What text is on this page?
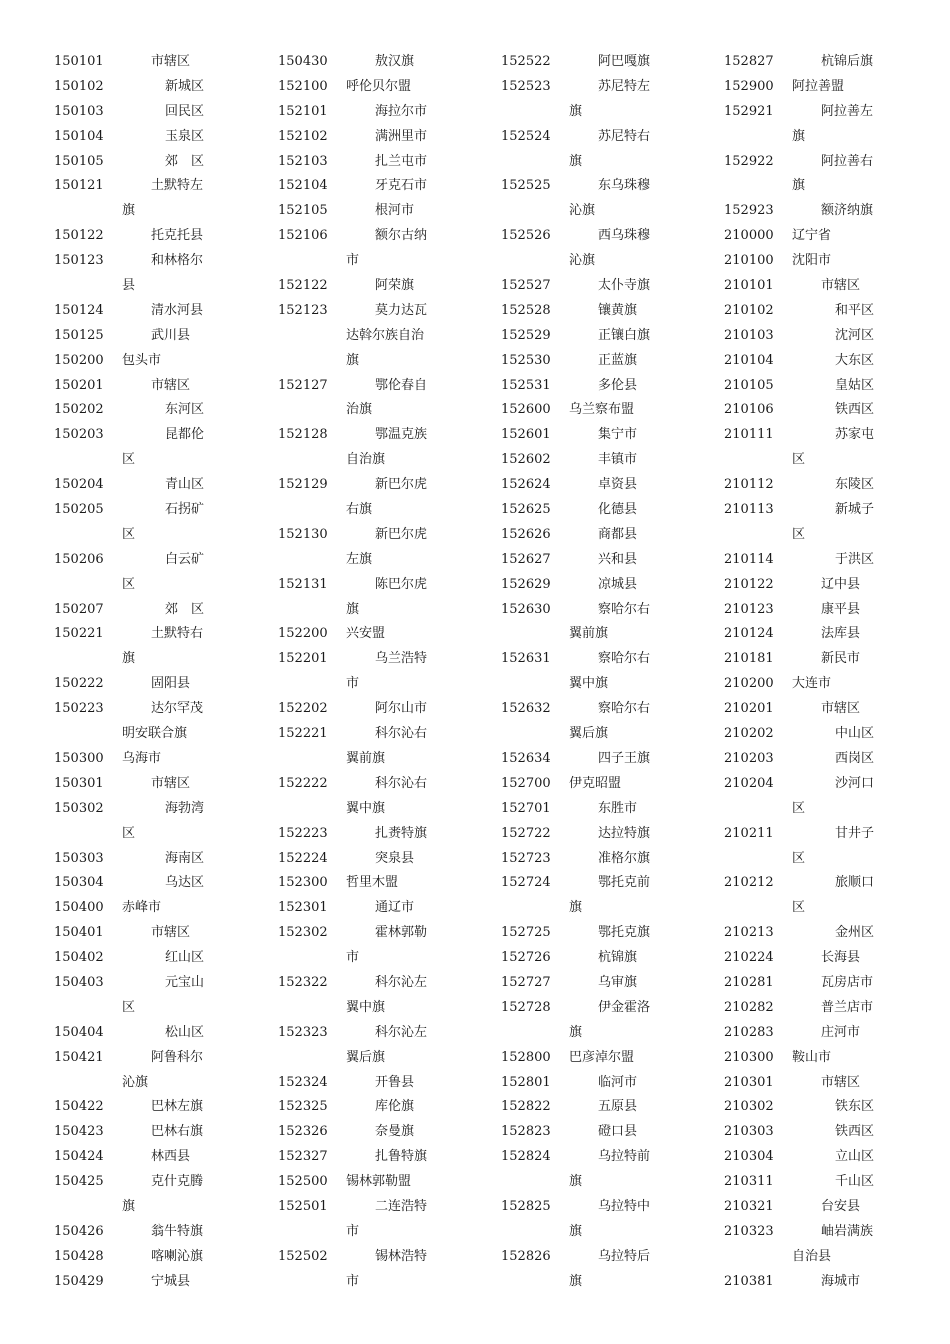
150101	市辖区
150102	新城区
150103	回民区
150104	玉泉区
150105	郊　区
150121	土默特左
旗
150122	托克托县
150123	和林格尔
县
150124	清水河县
150125	武川县
150200	包头市
150201	市辖区
150202	东河区
150203	昆都伦
区
150204	青山区
150205	石拐矿
区
150206	白云矿
区
150207	郊　区
150221	土默特右
旗
150222	固阳县
150223	达尔罕茂
明安联合旗
150300	乌海市
150301	市辖区
150302	海勃湾
区
150303	海南区
150304	乌达区
150400	赤峰市
150401	市辖区
150402	红山区
150403	元宝山
区
150404	松山区
150421	阿鲁科尔
沁旗
150422	巴林左旗
150423	巴林右旗
150424	林西县
150425	克什克腾
旗
150426	翁牛特旗
150428	喀喇沁旗
150429	宁城县
150430	敖汉旗
152100	呼伦贝尔盟
152101	海拉尔市
152102	满洲里市
152103	扎兰屯市
152104	牙克石市
152105	根河市
152106	额尔古纳
市
152122	阿荣旗
152123	莫力达瓦
达斡尔族自治
旗
152127	鄂伦春自
治旗
152128	鄂温克族
自治旗
152129	新巴尔虎
右旗
152130	新巴尔虎
左旗
152131	陈巴尔虎
旗
152200	兴安盟
152201	乌兰浩特
市
152202	阿尔山市
152221	科尔沁右
翼前旗
152222	科尔沁右
翼中旗
152223	扎赉特旗
152224	突泉县
152300	哲里木盟
152301	通辽市
152302	霍林郭勒
市
152322	科尔沁左
翼中旗
152323	科尔沁左
翼后旗
152324	开鲁县
152325	库伦旗
152326	奈曼旗
152327	扎鲁特旗
152500	锡林郭勒盟
152501	二连浩特
市
152502	锡林浩特
市
152522	阿巴嘎旗
152523	苏尼特左
旗
152524	苏尼特右
旗
152525	东乌珠穆
沁旗
152526	西乌珠穆
沁旗
152527	太仆寺旗
152528	镶黄旗
152529	正镶白旗
152530	正蓝旗
152531	多伦县
152600	乌兰察布盟
152601	集宁市
152602	丰镇市
152624	卓资县
152625	化德县
152626	商都县
152627	兴和县
152629	凉城县
152630	察哈尔右
翼前旗
152631	察哈尔右
翼中旗
152632	察哈尔右
翼后旗
152634	四子王旗
152700	伊克昭盟
152701	东胜市
152722	达拉特旗
152723	准格尔旗
152724	鄂托克前
旗
152725	鄂托克旗
152726	杭锦旗
152727	乌审旗
152728	伊金霍洛
旗
152800	巴彦淖尔盟
152801	临河市
152822	五原县
152823	磴口县
152824	乌拉特前
旗
152825	乌拉特中
旗
152826	乌拉特后
旗
152827	杭锦后旗
152900	阿拉善盟
152921	阿拉善左
旗
152922	阿拉善右
旗
152923	额济纳旗
210000	辽宁省
210100	沈阳市
210101	市辖区
210102	和平区
210103	沈河区
210104	大东区
210105	皇姑区
210106	铁西区
210111	苏家屯
区
210112	东陵区
210113	新城子
区
210114	于洪区
210122	辽中县
210123	康平县
210124	法库县
210181	新民市
210200	大连市
210201	市辖区
210202	中山区
210203	西岗区
210204	沙河口
区
210211	甘井子
区
210212	旅顺口
区
210213	金州区
210224	长海县
210281	瓦房店市
210282	普兰店市
210283	庄河市
210300	鞍山市
210301	市辖区
210302	铁东区
210303	铁西区
210304	立山区
210311	千山区
210321	台安县
210323	岫岩满族
自治县
210381	海城市
